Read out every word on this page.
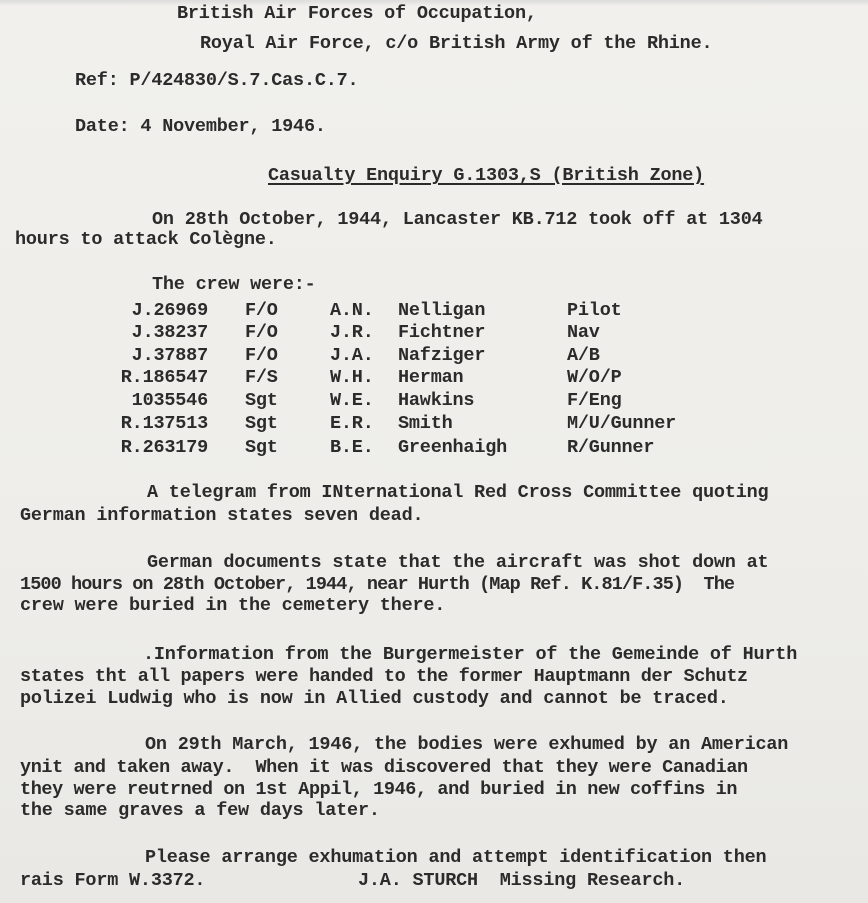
British Air Forces of Occupation,
Royal Air Force, c/o British Army of the Rhine.
Ref: P/424830/S.7.Cas.C.7.
Date: 4 November, 1946.
Casualty Enquiry G.1303,S (British Zone)
On 28th October, 1944, Lancaster KB.712 took off at 1304
hours to attack Colègne.
The crew were:-
J.26969 F/O	A.N. Nelligan	Pilot
J.38237 F/O	J.R. Fichtner	Nav
J.37887 F/O	J.A. Nafziger	A/B
R.186547 F/S	W.H. Herman	W/O/P
1035546 Sgt	W.E. Hawkins	F/Eng
R.137513 Sgt	E.R. Smith	M/U/Gunner
R.263179 Sgt	B.E. Greenhaigh	R/Gunner
A telegram from INternational Red Cross Committee quoting
German information states seven dead.
German documents state that the aircraft was shot down at
1500 hours on 28th October, 1944, near Hurth (Map Ref. K.81/F.35)  The
crew were buried in the cemetery there.
.Information from the Burgermeister of the Gemeinde of Hurth
states tht all papers were handed to the former Hauptmann der Schutz
polizei Ludwig who is now in Allied custody and cannot be traced.
On 29th March, 1946, the bodies were exhumed by an American
ynit and taken away.  When it was discovered that they were Canadian
they were reutrned on 1st Appil, 1946, and buried in new coffins in
the same graves a few days later.
Please arrange exhumation and attempt identification then
rais Form W.3372.	J.A. STURCH  Missing Research.
